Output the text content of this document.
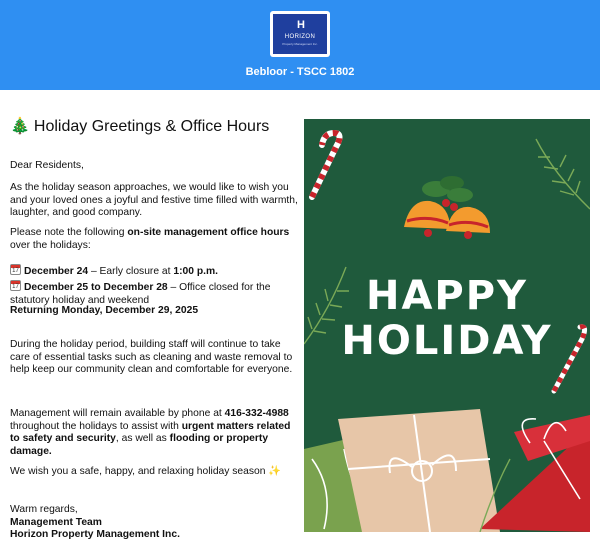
H
HORIZON
Property Management Inc.
Bebloor - TSCC 1802
🎄 Holiday Greetings & Office Hours
Dear Residents,
As the holiday season approaches, we would like to wish you and your loved ones a joyful and festive time filled with warmth, laughter, and good company.
Please note the following on-site management office hours over the holidays:
17December 24 – Early closure at 1:00 p.m.
17December 25 to December 28 – Office closed for the statutory holiday and weekend
Returning Monday, December 29, 2025
During the holiday period, building staff will continue to take care of essential tasks such as cleaning and waste removal to help keep our community clean and comfortable for everyone.
Management will remain available by phone at 416-332-4988 throughout the holidays to assist with urgent matters related to safety and security, as well as flooding or property damage.
We wish you a safe, happy, and relaxing holiday season ✨
Warm regards,
Management Team
Horizon Property Management Inc.
HAPPY
HOLIDAY
